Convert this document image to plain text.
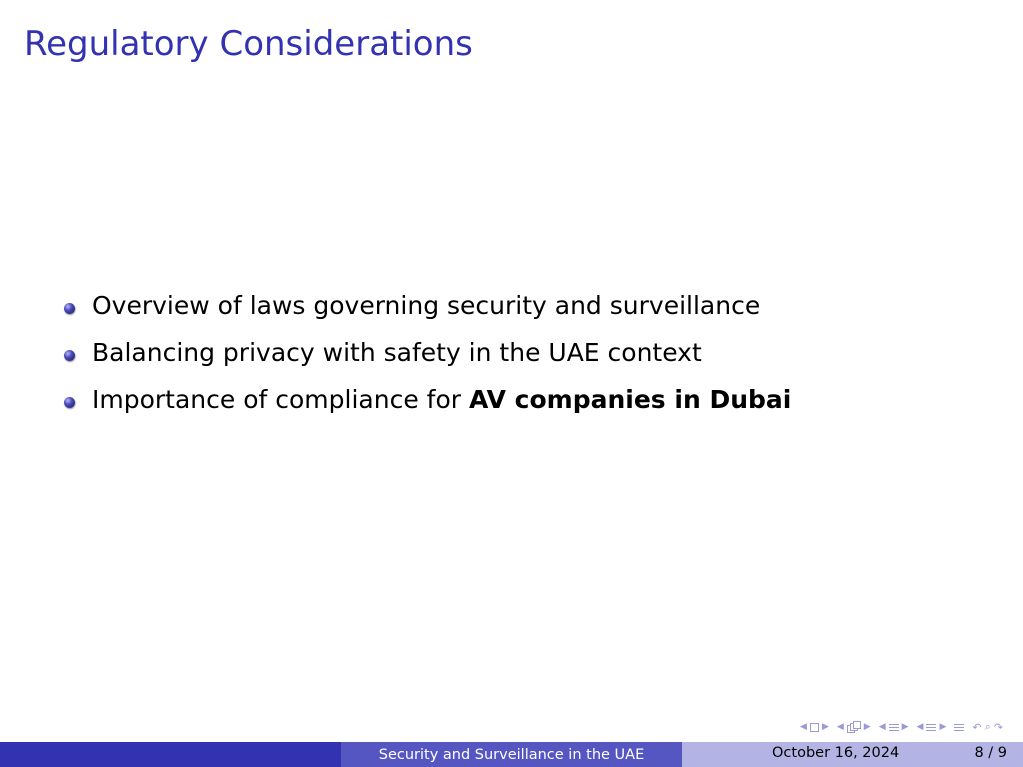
Regulatory Considerations
Overview of laws governing security and surveillance
Balancing privacy with safety in the UAE context
Importance of compliance for AV companies in Dubai
◀ ▶ ◀ ▶ ◀ ▶ ◀ ▶ ↶ ⌕ ↷
Security and Surveillance in the UAE	October 16, 2024	8 / 9
